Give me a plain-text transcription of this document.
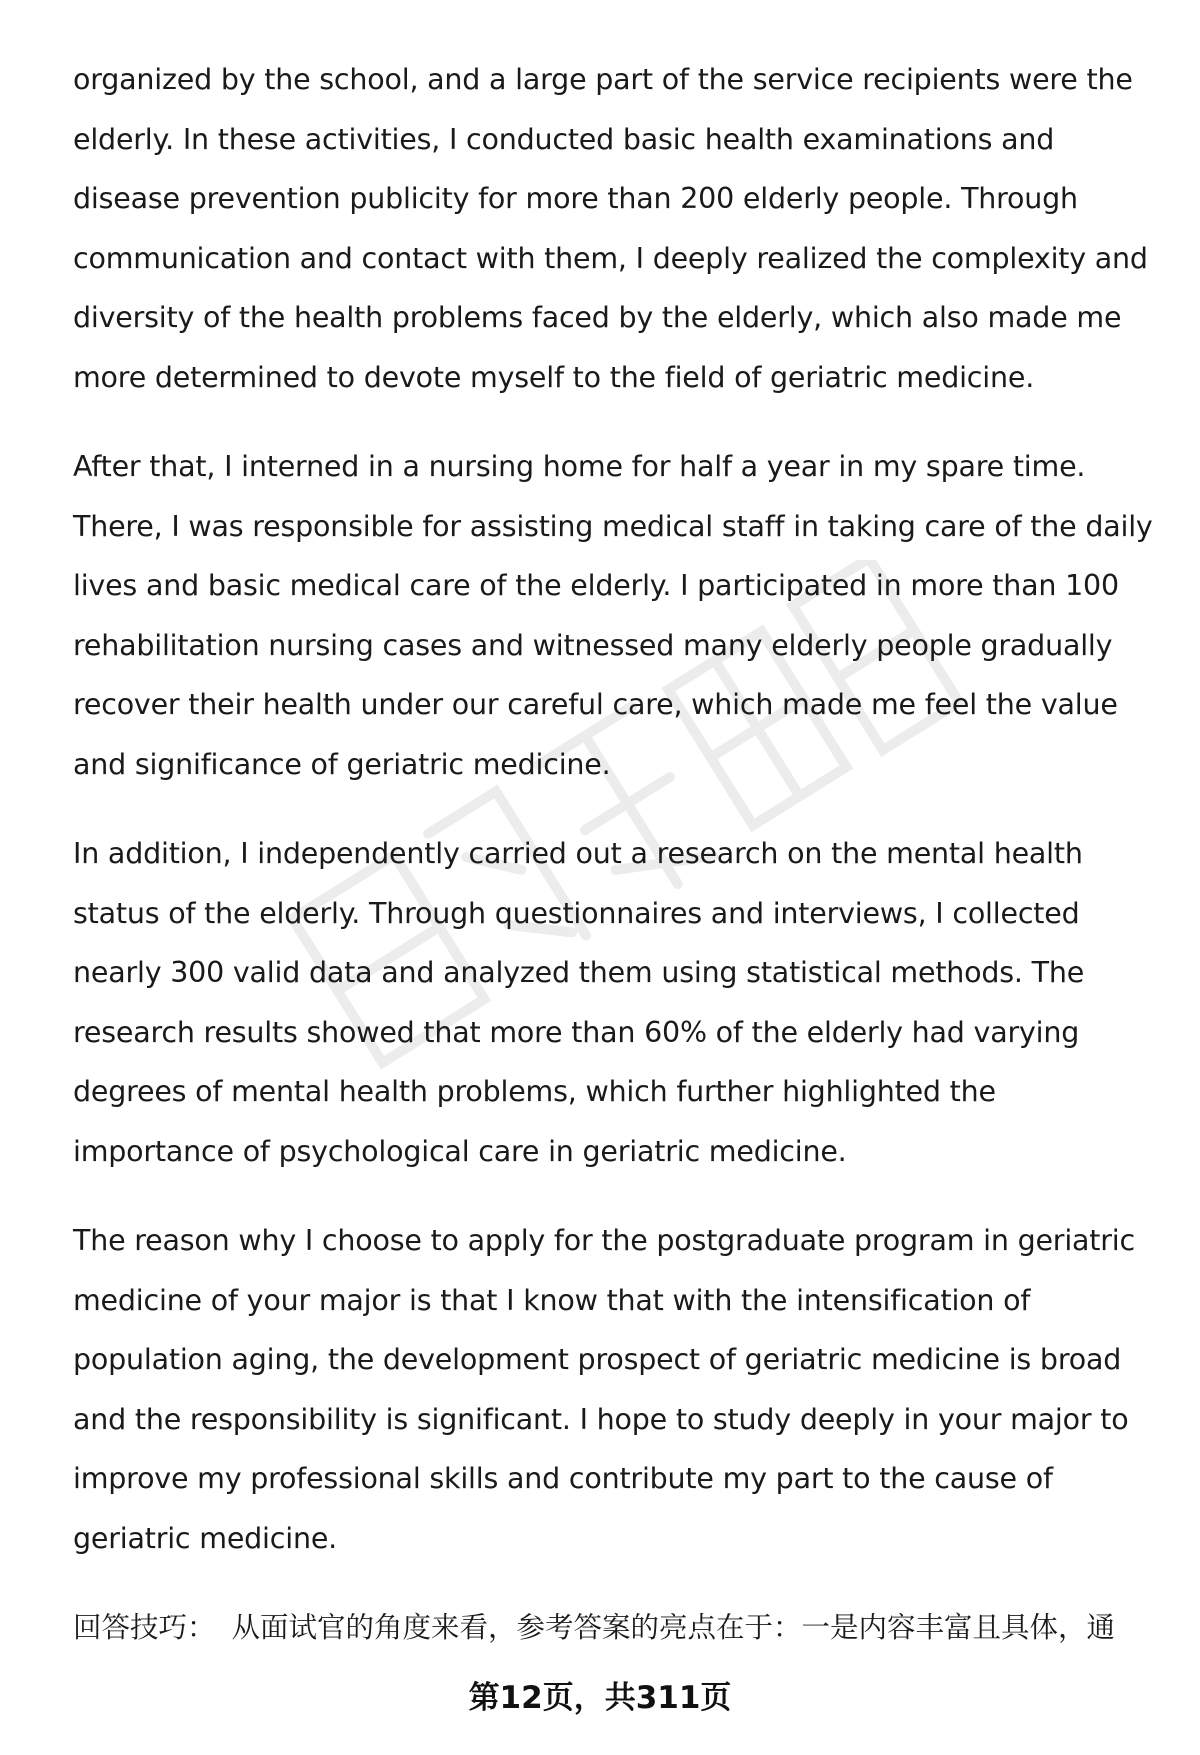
organized by the school, and a large part of the service recipients were the elderly. In these activities, I conducted basic health examinations and disease prevention publicity for more than 200 elderly people. Through communication and contact with them, I deeply realized the complexity and diversity of the health problems faced by the elderly, which also made me more determined to devote myself to the field of geriatric medicine.

After that, I interned in a nursing home for half a year in my spare time. There, I was responsible for assisting medical staff in taking care of the daily lives and basic medical care of the elderly. I participated in more than 100 rehabilitation nursing cases and witnessed many elderly people gradually recover their health under our careful care, which made me feel the value and significance of geriatric medicine.

In addition, I independently carried out a research on the mental health status of the elderly. Through questionnaires and interviews, I collected nearly 300 valid data and analyzed them using statistical methods. The research results showed that more than 60% of the elderly had varying degrees of mental health problems, which further highlighted the importance of psychological care in geriatric medicine.

The reason why I choose to apply for the postgraduate program in geriatric medicine of your major is that I know that with the intensification of population aging, the development prospect of geriatric medicine is broad and the responsibility is significant. I hope to study deeply in your major to improve my professional skills and contribute my part to the cause of geriatric medicine.

回答技巧： 从面试官的角度来看，参考答案的亮点在于：一是内容丰富且具体，通

第12页，共311页
